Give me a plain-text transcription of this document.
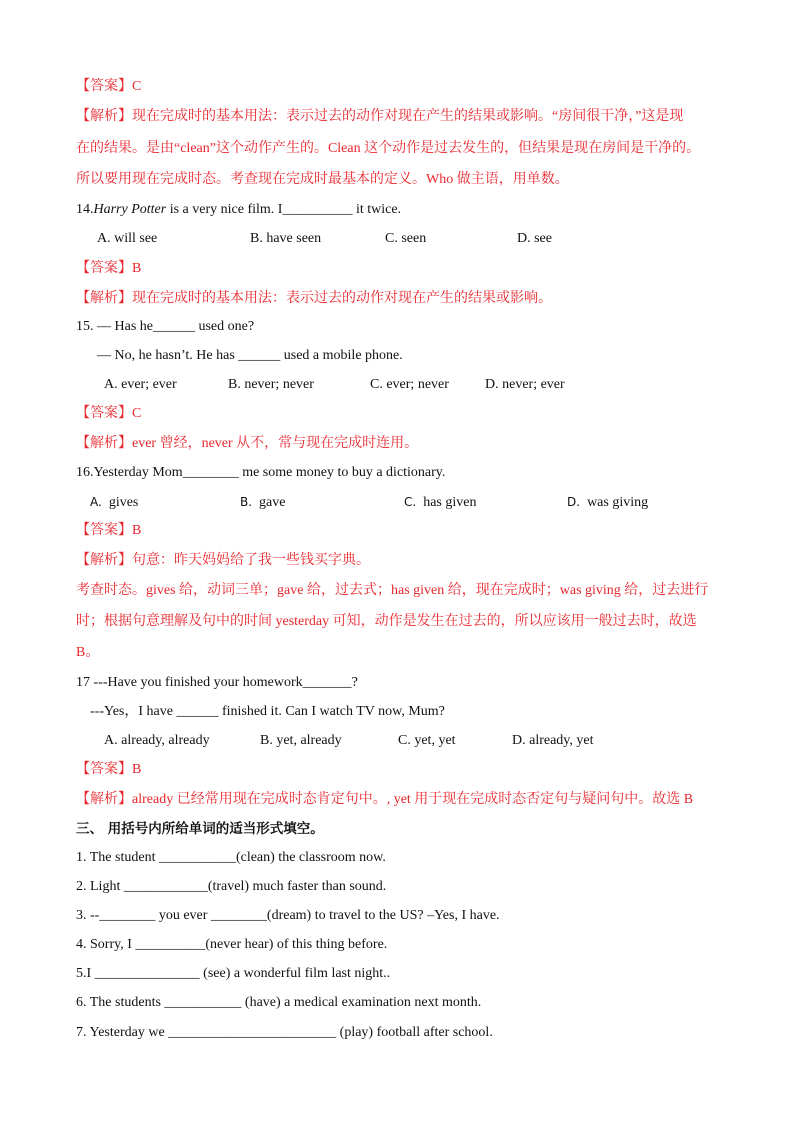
【答案】C
【解析】现在完成时的基本用法：表示过去的动作对现在产生的结果或影响。“房间很干净，”这是现
在的结果。是由“clean”这个动作产生的。Clean 这个动作是过去发生的，但结果是现在房间是干净的。
所以要用现在完成时态。考查现在完成时最基本的定义。Who 做主语，用单数。
14.Harry Potter is a very nice film. I__________ it twice.
【答案】B
【解析】现在完成时的基本用法：表示过去的动作对现在产生的结果或影响。
15. — Has he______ used one?
— No, he hasn’t. He has ______ used a mobile phone.
【答案】C
【解析】ever 曾经，never 从不，常与现在完成时连用。
16.Yesterday Mom________ me some money to buy a dictionary.
【答案】B
【解析】句意：昨天妈妈给了我一些钱买字典。
考查时态。gives 给，动词三单；gave 给，过去式；has given 给，现在完成时；was giving 给，过去进行
时；根据句意理解及句中的时间 yesterday 可知，动作是发生在过去的，所以应该用一般过去时，故选
B。
17 ---Have you finished your homework_______?
---Yes，I have ______ finished it. Can I watch TV now, Mum?
【答案】B
【解析】already 已经常用现在完成时态肯定句中。, yet 用于现在完成时态否定句与疑问句中。故选 B
三、 用括号内所给单词的适当形式填空。
1. The student ___________(clean) the classroom now.
2. Light ____________(travel) much faster than sound.
3. --________ you ever ________(dream) to travel to the US? –Yes, I have.
4. Sorry, I __________(never hear) of this thing before.
5.I _______________ (see) a wonderful film last night..
6. The students ___________ (have) a medical examination next month.
7. Yesterday we ________________________ (play) football after school.
A. will see	B. have seen	C. seen	D. see
A. ever; ever	B. never; never	C. ever; never	D. never; ever
A. gives	B. gave	C. has given	D. was giving
A. already, already	B. yet, already	C. yet, yet	D. already, yet
